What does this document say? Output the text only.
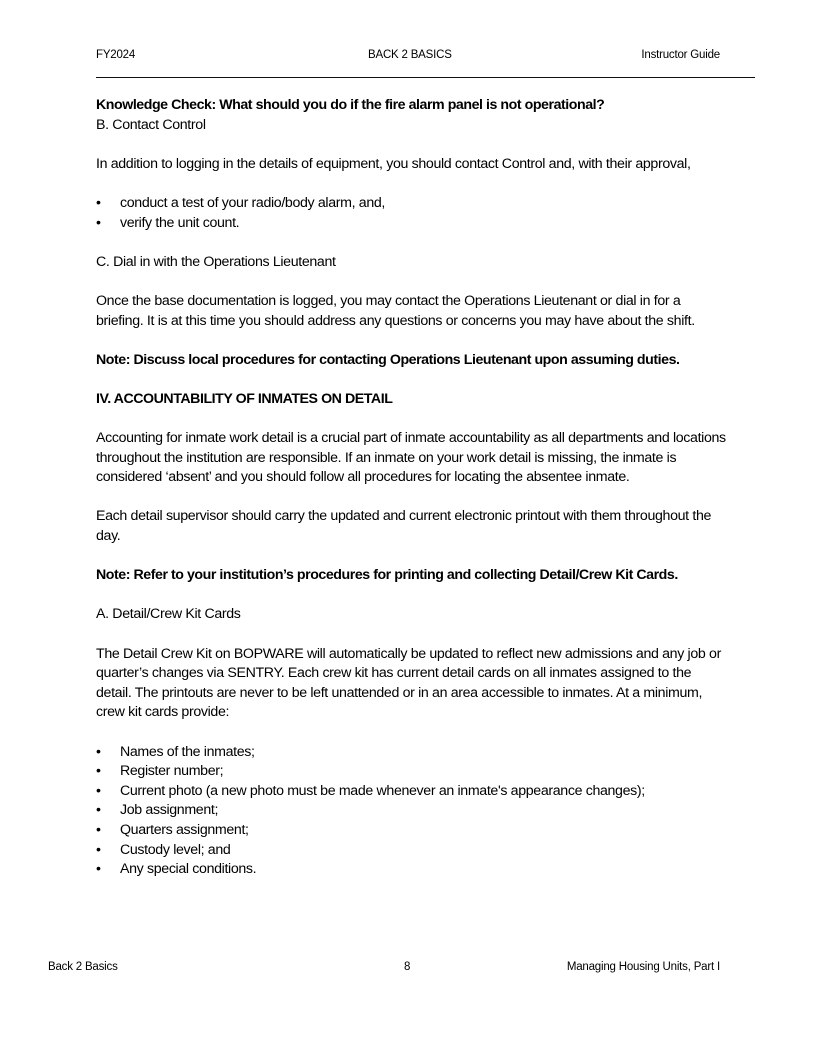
FY2024	BACK 2 BASICS	Instructor Guide

Knowledge Check: What should you do if the fire alarm panel is not operational?

B. Contact Control

In addition to logging in the details of equipment, you should contact Control and, with their approval,

•	conduct a test of your radio/body alarm, and,
•	verify the unit count.

C. Dial in with the Operations Lieutenant

Once the base documentation is logged, you may contact the Operations Lieutenant or dial in for a briefing. It is at this time you should address any questions or concerns you may have about the shift.

Note: Discuss local procedures for contacting Operations Lieutenant upon assuming duties.

IV. ACCOUNTABILITY OF INMATES ON DETAIL

Accounting for inmate work detail is a crucial part of inmate accountability as all departments and locations throughout the institution are responsible. If an inmate on your work detail is missing, the inmate is considered ‘absent’ and you should follow all procedures for locating the absentee inmate.

Each detail supervisor should carry the updated and current electronic printout with them throughout the day.

Note: Refer to your institution’s procedures for printing and collecting Detail/Crew Kit Cards.

A. Detail/Crew Kit Cards

The Detail Crew Kit on BOPWARE will automatically be updated to reflect new admissions and any job or quarter’s changes via SENTRY. Each crew kit has current detail cards on all inmates assigned to the detail. The printouts are never to be left unattended or in an area accessible to inmates. At a minimum, crew kit cards provide:

•	Names of the inmates;
•	Register number;
•	Current photo (a new photo must be made whenever an inmate's appearance changes);
•	Job assignment;
•	Quarters assignment;
•	Custody level; and
•	Any special conditions.
Back 2 Basics	8	Managing Housing Units, Part I
